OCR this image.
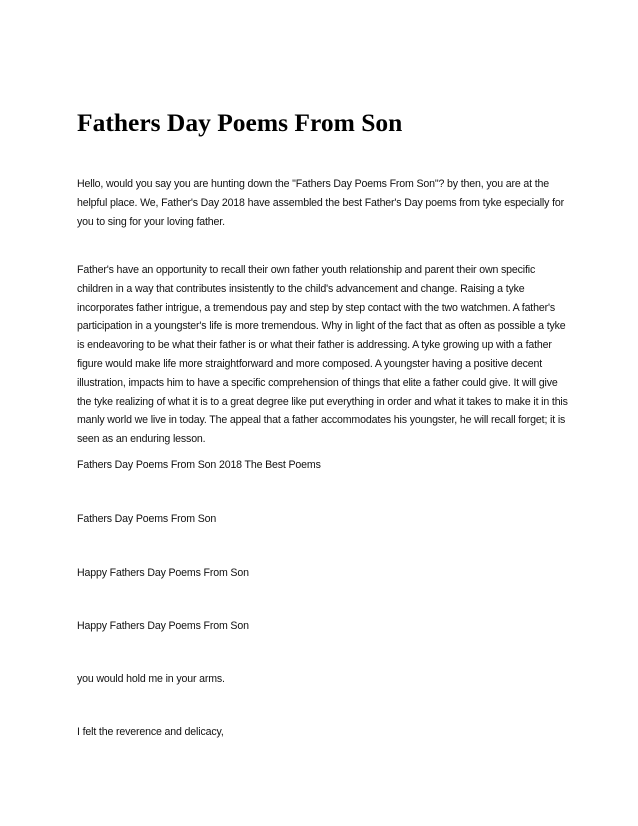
Fathers Day Poems From Son

Hello, would you say you are hunting down the "Fathers Day Poems From Son"? by then, you are at the helpful place. We, Father's Day 2018 have assembled the best Father's Day poems from tyke especially for you to sing for your loving father.

Father's have an opportunity to recall their own father youth relationship and parent their own specific children in a way that contributes insistently to the child's advancement and change. Raising a tyke incorporates father intrigue, a tremendous pay and step by step contact with the two watchmen. A father's participation in a youngster's life is more tremendous. Why in light of the fact that as often as possible a tyke is endeavoring to be what their father is or what their father is addressing. A tyke growing up with a father figure would make life more straightforward and more composed. A youngster having a positive decent illustration, impacts him to have a specific comprehension of things that elite a father could give. It will give the tyke realizing of what it is to a great degree like put everything in order and what it takes to make it in this manly world we live in today. The appeal that a father accommodates his youngster, he will recall forget; it is seen as an enduring lesson.

Fathers Day Poems From Son 2018 The Best Poems

Fathers Day Poems From Son

Happy Fathers Day Poems From Son

Happy Fathers Day Poems From Son

you would hold me in your arms.

I felt the reverence and delicacy,
